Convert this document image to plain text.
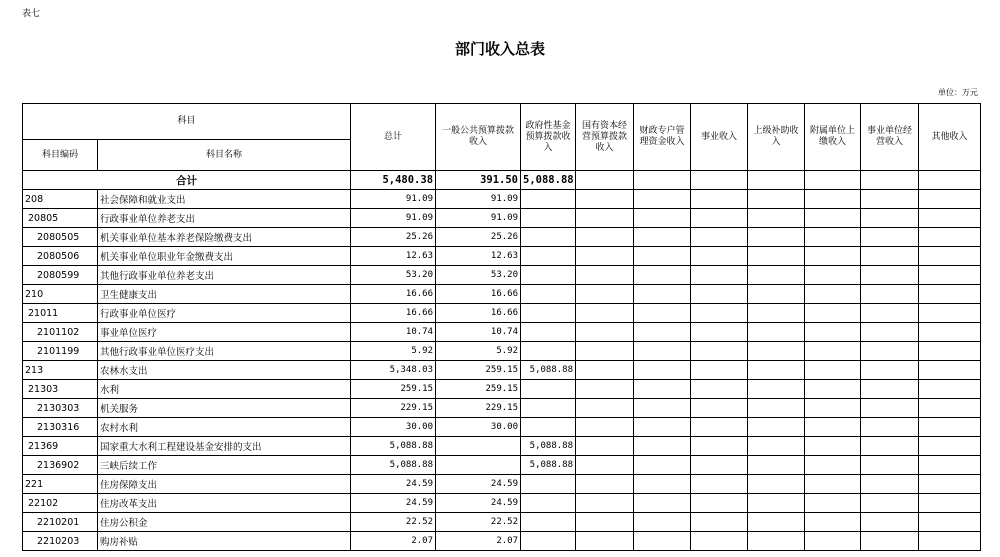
表七
部门收入总表
单位：万元
科目		总计	一般公共预算拨款收入	政府性基金预算拨款收入	国有资本经营预算拨款收入	财政专户管理资金收入	事业收入	上级补助收入	附属单位上缴收入	事业单位经营收入	其他收入
科目编码	科目名称										
合计		5,480.38	391.50	5,088.88							
208	社会保障和就业支出	91.09	91.09								
20805	行政事业单位养老支出	91.09	91.09								
2080505	机关事业单位基本养老保险缴费支出	25.26	25.26								
2080506	机关事业单位职业年金缴费支出	12.63	12.63								
2080599	其他行政事业单位养老支出	53.20	53.20								
210	卫生健康支出	16.66	16.66								
21011	行政事业单位医疗	16.66	16.66								
2101102	事业单位医疗	10.74	10.74								
2101199	其他行政事业单位医疗支出	5.92	5.92								
213	农林水支出	5,348.03	259.15	5,088.88							
21303	水利	259.15	259.15								
2130303	机关服务	229.15	229.15								
2130316	农村水利	30.00	30.00								
21369	国家重大水利工程建设基金安排的支出	5,088.88		5,088.88							
2136902	三峡后续工作	5,088.88		5,088.88							
221	住房保障支出	24.59	24.59								
22102	住房改革支出	24.59	24.59								
2210201	住房公积金	22.52	22.52								
2210203	购房补贴	2.07	2.07								
